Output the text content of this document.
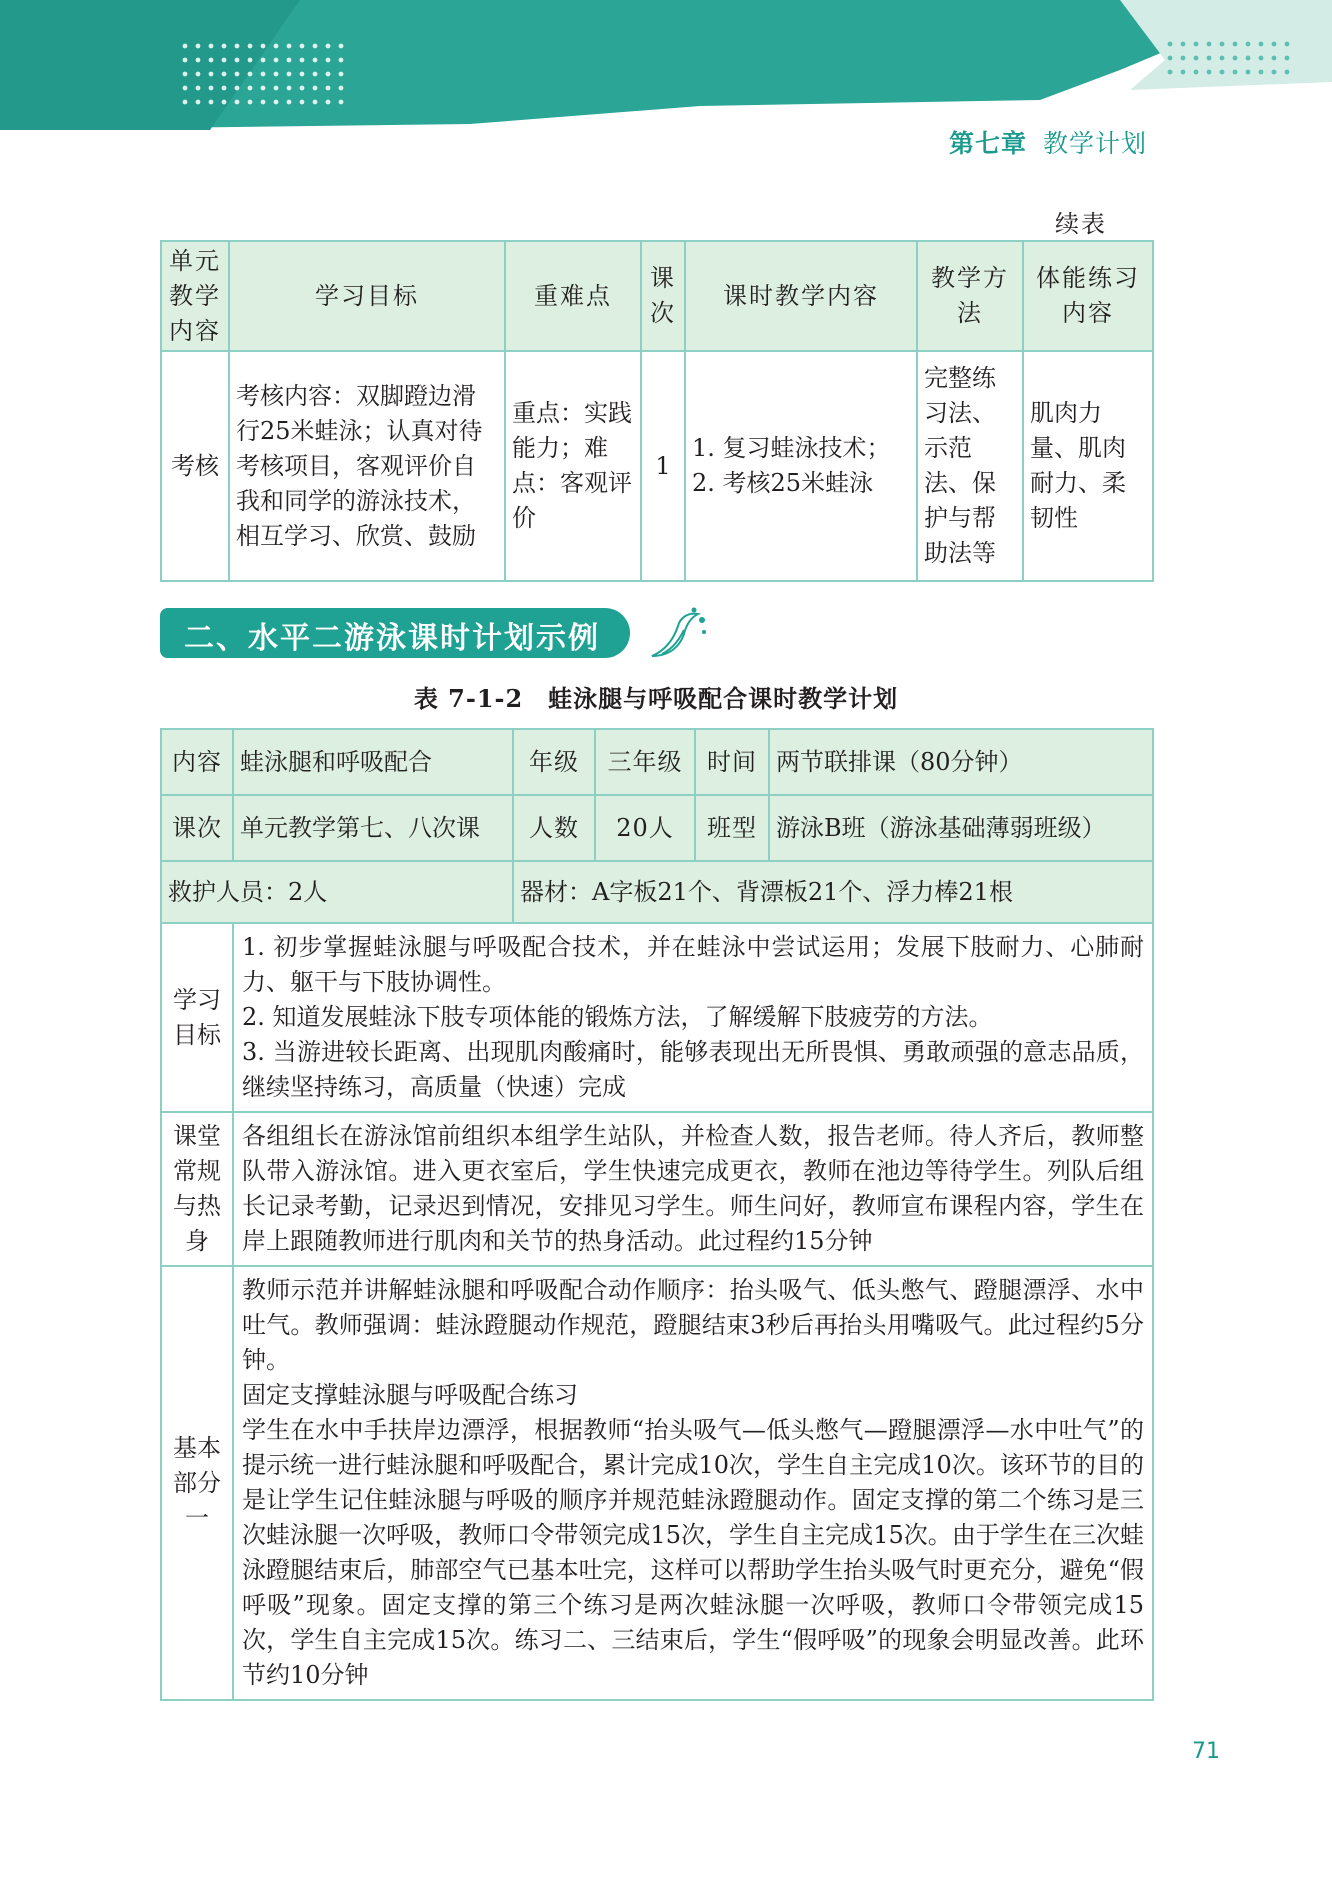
第七章 教学计划
续表
单元教学内容	学习目标	重难点	课次	课时教学内容	教学方法	体能练习内容
考核	考核内容：双脚蹬边滑行25米蛙泳；认真对待考核项目，客观评价自我和同学的游泳技术，相互学习、欣赏、鼓励	重点：实践能力；难点：客观评价	1	1. 复习蛙泳技术；2. 考核25米蛙泳	完整练习法、示范法、保护与帮助法等	肌肉力量、肌肉耐力、柔韧性
二、水平二游泳课时计划示例
表 7-1-2　蛙泳腿与呼吸配合课时教学计划
内容	蛙泳腿和呼吸配合	年级	三年级	时间	两节联排课（80分钟）
课次	单元教学第七、八次课	人数	20人	班型	游泳B班（游泳基础薄弱班级）
救护人员：2人		器材：A字板21个、背漂板21个、浮力棒21根			
学习目标	1. 初步掌握蛙泳腿与呼吸配合技术，并在蛙泳中尝试运用；发展下肢耐力、心肺耐力、躯干与下肢协调性。
2. 知道发展蛙泳下肢专项体能的锻炼方法，了解缓解下肢疲劳的方法。
3. 当游进较长距离、出现肌肉酸痛时，能够表现出无所畏惧、勇敢顽强的意志品质，继续坚持练习，高质量（快速）完成				

课堂常规与热身	各组组长在游泳馆前组织本组学生站队，并检查人数，报告老师。待人齐后，教师整队带入游泳馆。进入更衣室后，学生快速完成更衣，教师在池边等待学生。列队后组长记录考勤，记录迟到情况，安排见习学生。师生问好，教师宣布课程内容，学生在岸上跟随教师进行肌肉和关节的热身活动。此过程约15分钟				
基本部分一	教师示范并讲解蛙泳腿和呼吸配合动作顺序：抬头吸气、低头憋气、蹬腿漂浮、水中吐气。教师强调：蛙泳蹬腿动作规范，蹬腿结束3秒后再抬头用嘴吸气。此过程约5分钟。
固定支撑蛙泳腿与呼吸配合练习
学生在水中手扶岸边漂浮，根据教师“抬头吸气—低头憋气—蹬腿漂浮—水中吐气”的提示统一进行蛙泳腿和呼吸配合，累计完成10次，学生自主完成10次。该环节的目的是让学生记住蛙泳腿与呼吸的顺序并规范蛙泳蹬腿动作。固定支撑的第二个练习是三次蛙泳腿一次呼吸，教师口令带领完成15次，学生自主完成15次。由于学生在三次蛙泳蹬腿结束后，肺部空气已基本吐完，这样可以帮助学生抬头吸气时更充分，避免“假呼吸”现象。固定支撑的第三个练习是两次蛙泳腿一次呼吸，教师口令带领完成15次，学生自主完成15次。练习二、三结束后，学生“假呼吸”的现象会明显改善。此环节约10分钟				
71
